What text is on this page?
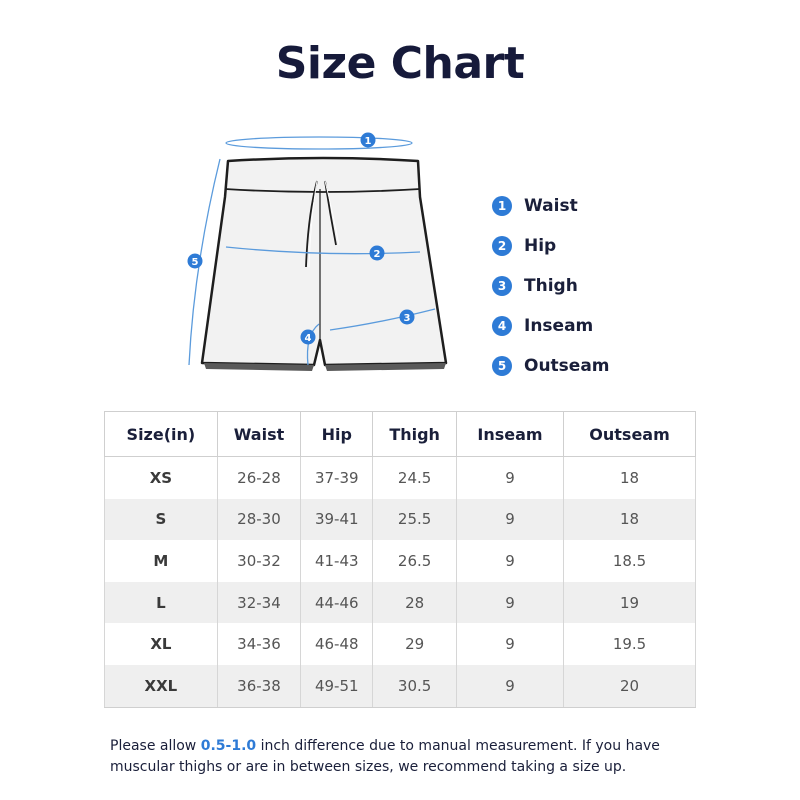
Size Chart
1
2
3
4
5
1	Waist
2	Hip
3	Thigh
4	Inseam
5	Outseam
Size(in)	Waist	Hip	Thigh	Inseam	Outseam
XS	26-28	37-39	24.5	9	18
S	28-30	39-41	25.5	9	18
M	30-32	41-43	26.5	9	18.5
L	32-34	44-46	28	9	19
XL	34-36	46-48	29	9	19.5
XXL	36-38	49-51	30.5	9	20
Please allow 0.5-1.0 inch difference due to manual measurement. If you have muscular thighs or are in between sizes, we recommend taking a size up.
